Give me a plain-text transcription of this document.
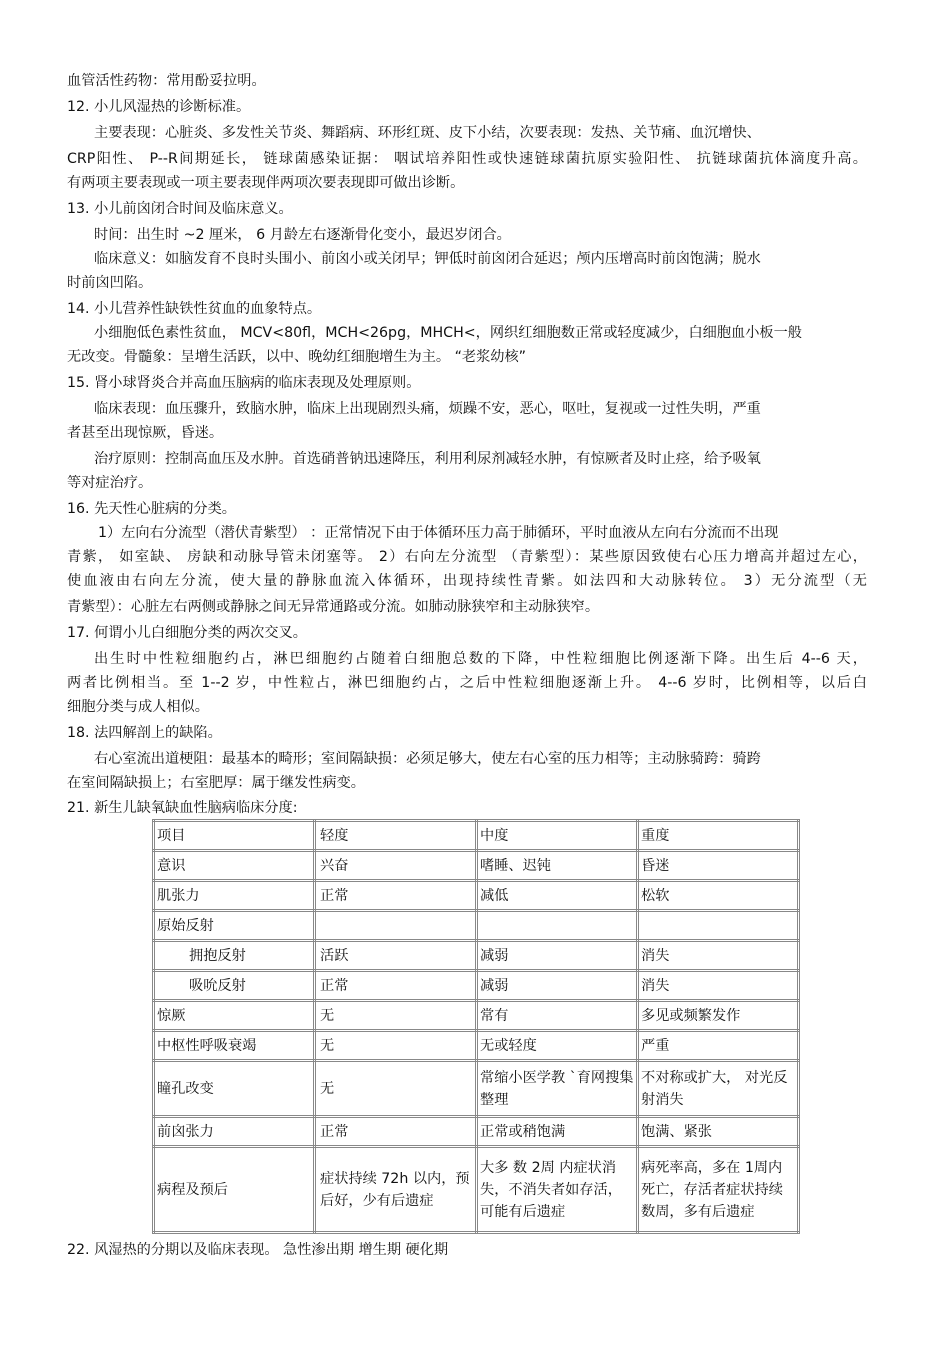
血管活性药物：常用酚妥拉明。
12. 小儿风湿热的诊断标准。
主要表现：心脏炎、多发性关节炎、舞蹈病、环形红斑、皮下小结，次要表现：发热、关节痛、血沉增快、
CRP阳性、 P--R间期延长， 链球菌感染证据： 咽试培养阳性或快速链球菌抗原实验阳性、 抗链球菌抗体滴度升高。
有两项主要表现或一项主要表现伴两项次要表现即可做出诊断。
13. 小儿前囟闭合时间及临床意义。
时间：出生时 ~2 厘米， 6 月龄左右逐渐骨化变小，最迟岁闭合。
临床意义：如脑发育不良时头围小、前囟小或关闭早；钾低时前囟闭合延迟；颅内压增高时前囟饱满；脱水
时前囟凹陷。
14. 小儿营养性缺铁性贫血的血象特点。
小细胞低色素性贫血， MCV<80fl，MCH<26pg，MHCH<，网织红细胞数正常或轻度减少，白细胞血小板一般
无改变。骨髓象：呈增生活跃，以中、晚幼红细胞增生为主。 “老浆幼核”
15. 肾小球肾炎合并高血压脑病的临床表现及处理原则。
临床表现：血压骤升，致脑水肿，临床上出现剧烈头痛，烦躁不安，恶心，呕吐，复视或一过性失明，严重
者甚至出现惊厥，昏迷。
治疗原则：控制高血压及水肿。首选硝普钠迅速降压，利用利尿剂减轻水肿，有惊厥者及时止痉，给予吸氧
等对症治疗。
16. 先天性心脏病的分类。
1）左向右分流型（潜伏青紫型） ：正常情况下由于体循环压力高于肺循环，平时血液从左向右分流而不出现
青紫， 如室缺、 房缺和动脉导管未闭塞等。 2）右向左分流型 （青紫型）：某些原因致使右心压力增高并超过左心，
使血液由右向左分流，使大量的静脉血流入体循环，出现持续性青紫。如法四和大动脉转位。 3）无分流型（无
青紫型）：心脏左右两侧或静脉之间无异常通路或分流。如肺动脉狭窄和主动脉狭窄。
17. 何谓小儿白细胞分类的两次交叉。
出生时中性粒细胞约占，淋巴细胞约占随着白细胞总数的下降，中性粒细胞比例逐渐下降。出生后 4--6 天，
两者比例相当。至 1--2 岁，中性粒占，淋巴细胞约占，之后中性粒细胞逐渐上升。 4--6 岁时，比例相等，以后白
细胞分类与成人相似。
18. 法四解剖上的缺陷。
右心室流出道梗阻：最基本的畸形；室间隔缺损：必须足够大，使左右心室的压力相等；主动脉骑跨：骑跨
在室间隔缺损上；右室肥厚：属于继发性病变。
21. 新生儿缺氧缺血性脑病临床分度:
项目	轻度	中度	重度
意识	兴奋	嗜睡、迟钝	昏迷
肌张力	正常	减低	松软
原始反射			
拥抱反射	活跃	减弱	消失
吸吮反射	正常	减弱	消失
惊厥	无	常有	多见或频繁发作
中枢性呼吸衰竭	无	无或轻度	严重
瞳孔改变	无	常缩小医学教 `育网搜集整理	不对称或扩大， 对光反射消失
前囟张力	正常	正常或稍饱满	饱满、紧张
病程及预后	症状持续 72h 以内，预后好，少有后遗症	大多 数 2周 内症状消失，不消失者如存活，可能有后遗症	病死率高，多在 1周内死亡，存活者症状持续数周，多有后遗症
22. 风湿热的分期以及临床表现。 急性渗出期 增生期 硬化期
